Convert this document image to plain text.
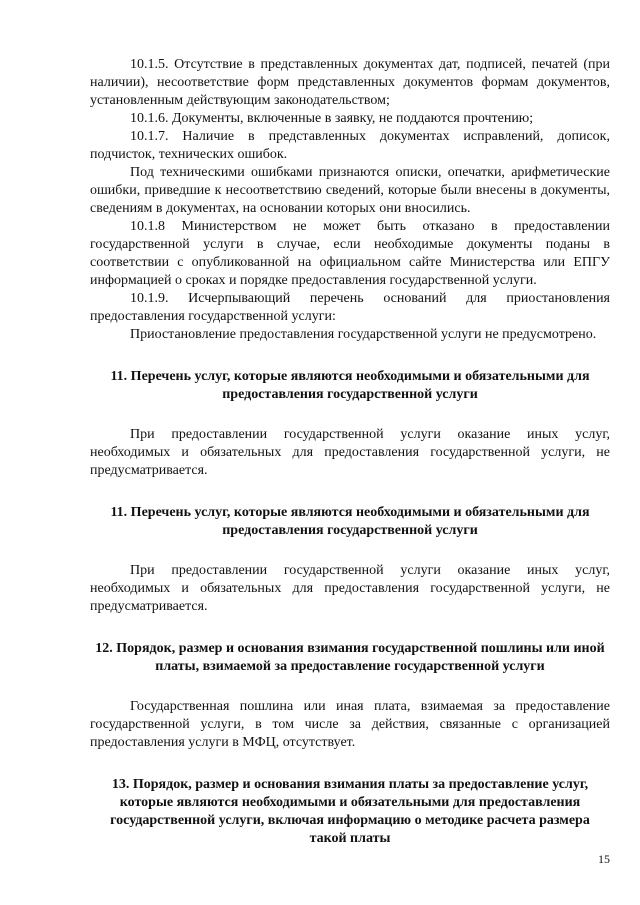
10.1.5. Отсутствие в представленных документах дат, подписей, печатей (при наличии), несоответствие форм представленных документов формам документов, установленным действующим законодательством;

10.1.6. Документы, включенные в заявку, не поддаются прочтению;

10.1.7. Наличие в представленных документах исправлений, дописок, подчисток, технических ошибок.

Под техническими ошибками признаются описки, опечатки, арифметические ошибки, приведшие к несоответствию сведений, которые были внесены в документы, сведениям в документах, на основании которых они вносились.

10.1.8 Министерством не может быть отказано в предоставлении государственной услуги в случае, если необходимые документы поданы в соответствии с опубликованной на официальном сайте Министерства или ЕПГУ информацией о сроках и порядке предоставления государственной услуги.

10.1.9. Исчерпывающий перечень оснований для приостановления предоставления государственной услуги:

Приостановление предоставления государственной услуги не предусмотрено.

11. Перечень услуг, которые являются необходимыми и обязательными для предоставления государственной услуги

При предоставлении государственной услуги оказание иных услуг, необходимых и обязательных для предоставления государственной услуги, не предусматривается.

11. Перечень услуг, которые являются необходимыми и обязательными для предоставления государственной услуги

При предоставлении государственной услуги оказание иных услуг, необходимых и обязательных для предоставления государственной услуги, не предусматривается.

12. Порядок, размер и основания взимания государственной пошлины или иной платы, взимаемой за предоставление государственной услуги

Государственная пошлина или иная плата, взимаемая за предоставление государственной услуги, в том числе за действия, связанные с организацией предоставления услуги в МФЦ, отсутствует.

13. Порядок, размер и основания взимания платы за предоставление услуг, которые являются необходимыми и обязательными для предоставления государственной услуги, включая информацию о методике расчета размера такой платы

15
